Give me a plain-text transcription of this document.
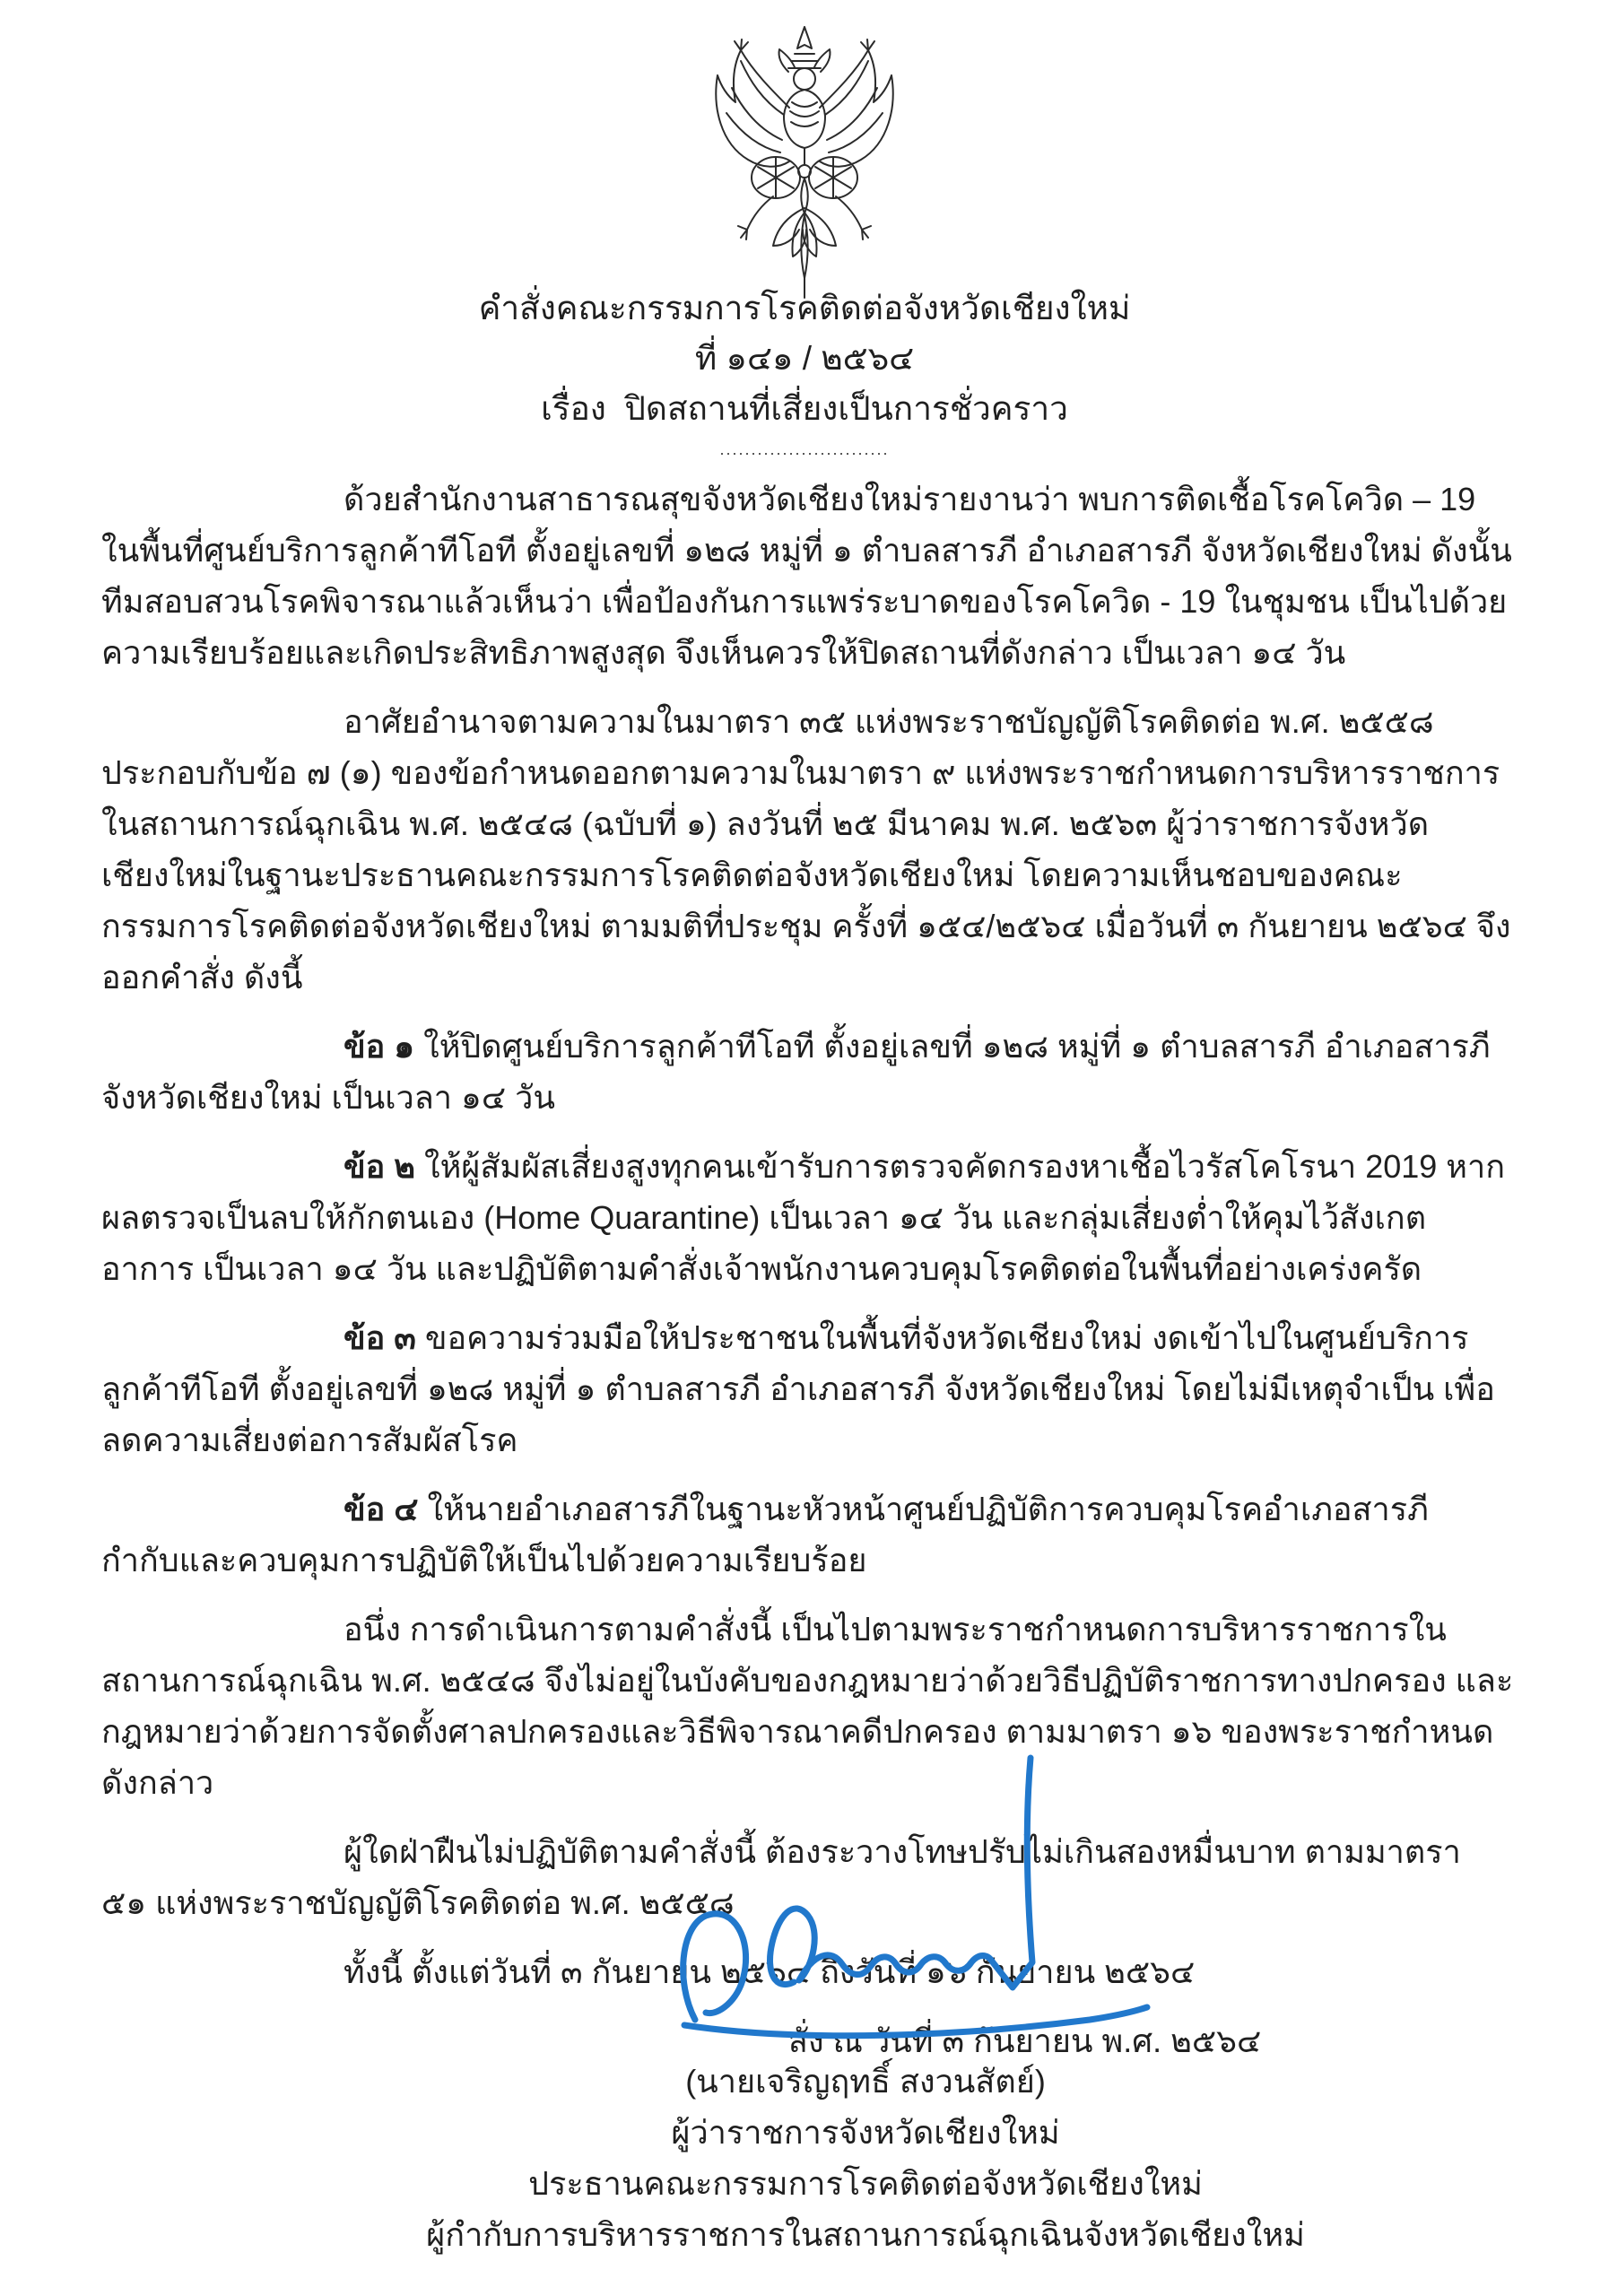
คำสั่งคณะกรรมการโรคติดต่อจังหวัดเชียงใหม่
ที่ ๑๔๑ / ๒๕๖๔
เรื่อง  ปิดสถานที่เสี่ยงเป็นการชั่วคราว
...........................

ด้วยสำนักงานสาธารณสุขจังหวัดเชียงใหม่รายงานว่า พบการติดเชื้อโรคโควิด – 19 ในพื้นที่ศูนย์บริการลูกค้าทีโอที ตั้งอยู่เลขที่ ๑๒๘ หมู่ที่ ๑ ตำบลสารภี อำเภอสารภี จังหวัดเชียงใหม่ ดังนั้น ทีมสอบสวนโรคพิจารณาแล้วเห็นว่า เพื่อป้องกันการแพร่ระบาดของโรคโควิด - 19 ในชุมชน เป็นไปด้วยความเรียบร้อยและเกิดประสิทธิภาพสูงสุด จึงเห็นควรให้ปิดสถานที่ดังกล่าว เป็นเวลา ๑๔ วัน

อาศัยอำนาจตามความในมาตรา ๓๕ แห่งพระราชบัญญัติโรคติดต่อ พ.ศ. ๒๕๕๘ ประกอบกับข้อ ๗ (๑) ของข้อกำหนดออกตามความในมาตรา ๙ แห่งพระราชกำหนดการบริหารราชการในสถานการณ์ฉุกเฉิน พ.ศ. ๒๕๔๘ (ฉบับที่ ๑) ลงวันที่ ๒๕ มีนาคม พ.ศ. ๒๕๖๓ ผู้ว่าราชการจังหวัดเชียงใหม่ในฐานะประธานคณะกรรมการโรคติดต่อจังหวัดเชียงใหม่ โดยความเห็นชอบของคณะกรรมการโรคติดต่อจังหวัดเชียงใหม่ ตามมติที่ประชุม ครั้งที่ ๑๕๔/๒๕๖๔ เมื่อวันที่ ๓ กันยายน ๒๕๖๔ จึงออกคำสั่ง ดังนี้

ข้อ ๑ ให้ปิดศูนย์บริการลูกค้าทีโอที ตั้งอยู่เลขที่ ๑๒๘ หมู่ที่ ๑ ตำบลสารภี อำเภอสารภี จังหวัดเชียงใหม่ เป็นเวลา ๑๔ วัน

ข้อ ๒ ให้ผู้สัมผัสเสี่ยงสูงทุกคนเข้ารับการตรวจคัดกรองหาเชื้อไวรัสโคโรนา 2019 หากผลตรวจเป็นลบให้กักตนเอง (Home Quarantine) เป็นเวลา ๑๔ วัน และกลุ่มเสี่ยงต่ำให้คุมไว้สังเกตอาการ เป็นเวลา ๑๔ วัน และปฏิบัติตามคำสั่งเจ้าพนักงานควบคุมโรคติดต่อในพื้นที่อย่างเคร่งครัด

ข้อ ๓ ขอความร่วมมือให้ประชาชนในพื้นที่จังหวัดเชียงใหม่ งดเข้าไปในศูนย์บริการลูกค้าทีโอที ตั้งอยู่เลขที่ ๑๒๘ หมู่ที่ ๑ ตำบลสารภี อำเภอสารภี จังหวัดเชียงใหม่ โดยไม่มีเหตุจำเป็น เพื่อลดความเสี่ยงต่อการสัมผัสโรค

ข้อ ๔ ให้นายอำเภอสารภีในฐานะหัวหน้าศูนย์ปฏิบัติการควบคุมโรคอำเภอสารภี กำกับและควบคุมการปฏิบัติให้เป็นไปด้วยความเรียบร้อย

อนึ่ง การดำเนินการตามคำสั่งนี้ เป็นไปตามพระราชกำหนดการบริหารราชการในสถานการณ์ฉุกเฉิน พ.ศ. ๒๕๔๘ จึงไม่อยู่ในบังคับของกฎหมายว่าด้วยวิธีปฏิบัติราชการทางปกครอง และกฎหมายว่าด้วยการจัดตั้งศาลปกครองและวิธีพิจารณาคดีปกครอง ตามมาตรา ๑๖ ของพระราชกำหนดดังกล่าว

ผู้ใดฝ่าฝืนไม่ปฏิบัติตามคำสั่งนี้ ต้องระวางโทษปรับไม่เกินสองหมื่นบาท ตามมาตรา ๕๑ แห่งพระราชบัญญัติโรคติดต่อ พ.ศ. ๒๕๕๘

ทั้งนี้ ตั้งแต่วันที่ ๓ กันยายน ๒๕๖๔ ถึงวันที่ ๑๖ กันยายน ๒๕๖๔

สั่ง ณ วันที่ ๓ กันยายน พ.ศ. ๒๕๖๔

(นายเจริญฤทธิ์ สงวนสัตย์)
ผู้ว่าราชการจังหวัดเชียงใหม่
ประธานคณะกรรมการโรคติดต่อจังหวัดเชียงใหม่
ผู้กำกับการบริหารราชการในสถานการณ์ฉุกเฉินจังหวัดเชียงใหม่
